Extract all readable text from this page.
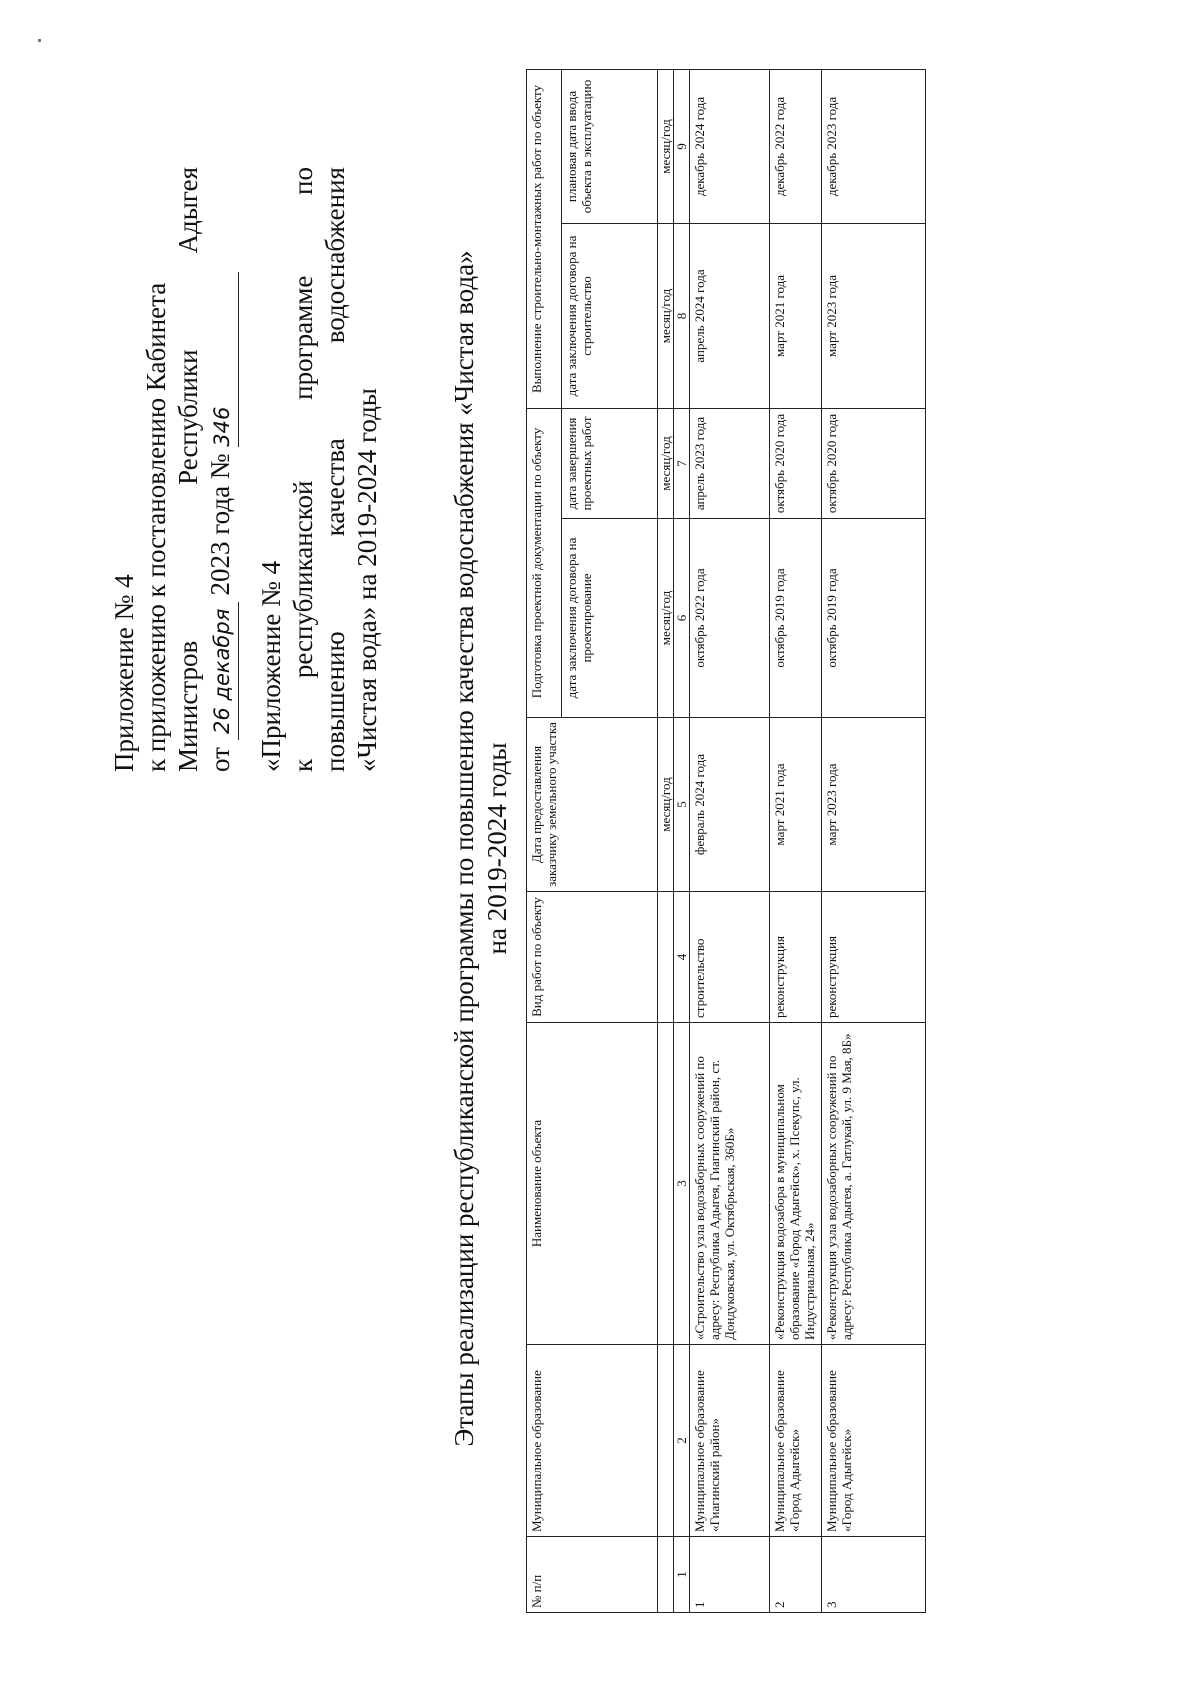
Приложение № 4 к приложению к постановлению Кабинета Министров
Республики
Адыгея
от

26 декабря

2023 года №

346
«Приложение № 4 к
республиканской
программе
по
повышению
качества
водоснабжения
«Чистая вода» на 2019-2024 годы Этапы реализации республиканской программы по повышению качества водоснабжения «Чистая вода» на 2019-2024 годы
№ п/п	Муниципальное образование	Наименование объекта	Вид работ по объекту	Дата предоставления заказчику земельного участка	Подготовка проектной документации по объекту		Выполнение строительно-монтажных работ по объекту	
					дата заключения договора на проектирование	дата завершения проектных работ	дата заключения договора на строительство	плановая дата ввода объекта в эксплуатацию
				месяц/год	месяц/год	месяц/год	месяц/год	месяц/год
1	2	3	4	5	6	7	8	9
1	Муниципальное образование «Гиагинский район»	«Строительство узла водозаборных сооружений по адресу: Республика Адыгея, Гиагинский район, ст. Дондуковская, ул. Октябрьская, 360Б»	строительство	февраль 2024 года	октябрь 2022 года	апрель 2023 года	апрель 2024 года	декабрь 2024 года
2	Муниципальное образование «Город Адыгейск»	«Реконструкция водозабора в муниципальном образование «Город Адыгейск», х. Псекупс, ул. Индустриальная, 24»	реконструкция	март 2021 года	октябрь 2019 года	октябрь 2020 года	март 2021 года	декабрь 2022 года
3	Муниципальное образование «Город Адыгейск»	«Реконструкция узла водозаборных сооружений по адресу: Республика Адыгея, а. Гатлукай, ул. 9 Мая, 8Б»	реконструкция	март 2023 года	октябрь 2019 года	октябрь 2020 года	март 2023 года	декабрь 2023 года
